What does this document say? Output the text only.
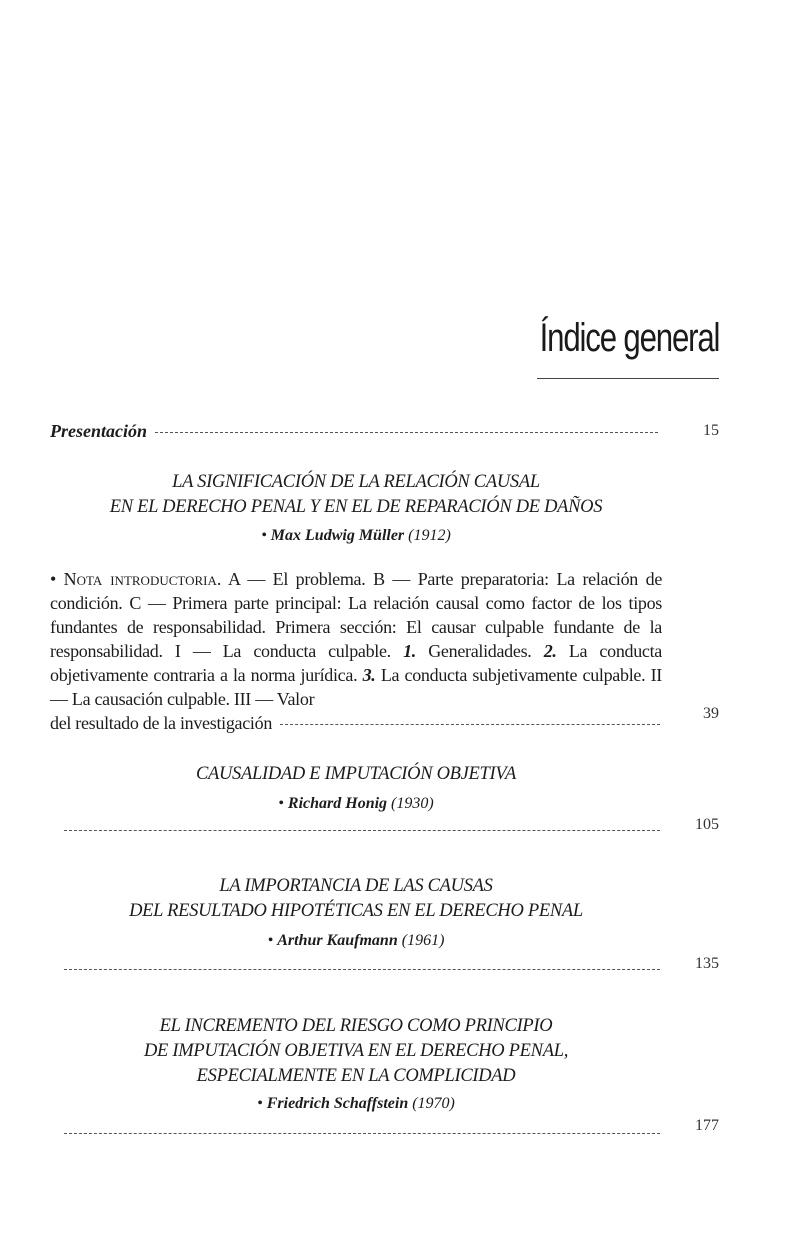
Índice general
Presentación	15
LA SIGNIFICACIÓN DE LA RELACIÓN CAUSAL
EN EL DERECHO PENAL Y EN EL DE REPARACIÓN DE DAÑOS
• Max Ludwig Müller (1912)
• Nota introductoria. A — El problema. B — Parte preparatoria: La relación de condición. C — Primera parte principal: La relación causal como factor de los tipos fundantes de responsabilidad. Primera sección: El causar culpable fundante de la responsabilidad. I — La conducta culpable. 1. Generalidades. 2. La conducta objetivamente contraria a la norma jurídica. 3. La conducta subjetivamente culpable. II — La causación culpable. III — Valor
del resultado de la investigación	39
CAUSALIDAD E IMPUTACIÓN OBJETIVA
• Richard Honig (1930)
105
LA IMPORTANCIA DE LAS CAUSAS
DEL RESULTADO HIPOTÉTICAS EN EL DERECHO PENAL
• Arthur Kaufmann (1961)
135
EL INCREMENTO DEL RIESGO COMO PRINCIPIO
DE IMPUTACIÓN OBJETIVA EN EL DERECHO PENAL,
ESPECIALMENTE EN LA COMPLICIDAD
• Friedrich Schaffstein (1970)
177
